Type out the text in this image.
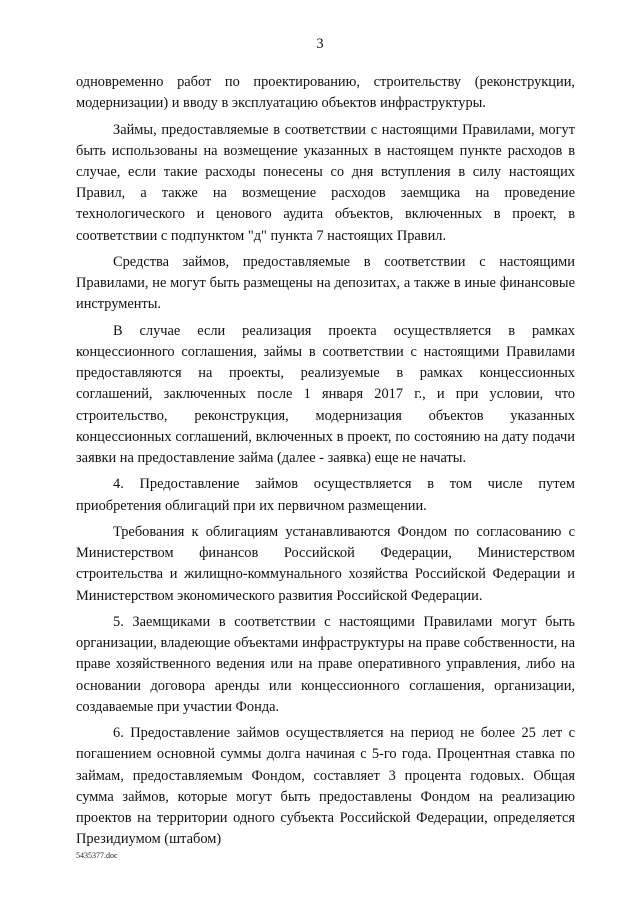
3

одновременно работ по проектированию, строительству (реконструкции, модернизации) и вводу в эксплуатацию объектов инфраструктуры.

Займы, предоставляемые в соответствии с настоящими Правилами, могут быть использованы на возмещение указанных в настоящем пункте расходов в случае, если такие расходы понесены со дня вступления в силу настоящих Правил, а также на возмещение расходов заемщика на проведение технологического и ценового аудита объектов, включенных в проект, в соответствии с подпунктом "д" пункта 7 настоящих Правил.

Средства займов, предоставляемые в соответствии с настоящими Правилами, не могут быть размещены на депозитах, а также в иные финансовые инструменты.

В случае если реализация проекта осуществляется в рамках концессионного соглашения, займы в соответствии с настоящими Правилами предоставляются на проекты, реализуемые в рамках концессионных соглашений, заключенных после 1 января 2017 г., и при условии, что строительство, реконструкция, модернизация объектов указанных концессионных соглашений, включенных в проект, по состоянию на дату подачи заявки на предоставление займа (далее - заявка) еще не начаты.

4. Предоставление займов осуществляется в том числе путем приобретения облигаций при их первичном размещении.

Требования к облигациям устанавливаются Фондом по согласованию с Министерством финансов Российской Федерации, Министерством строительства и жилищно-коммунального хозяйства Российской Федерации и Министерством экономического развития Российской Федерации.

5. Заемщиками в соответствии с настоящими Правилами могут быть организации, владеющие объектами инфраструктуры на праве собственности, на праве хозяйственного ведения или на праве оперативного управления, либо на основании договора аренды или концессионного соглашения, организации, создаваемые при участии Фонда.

6. Предоставление займов осуществляется на период не более 25 лет с погашением основной суммы долга начиная с 5-го года. Процентная ставка по займам, предоставляемым Фондом, составляет 3 процента годовых. Общая сумма займов, которые могут быть предоставлены Фондом на реализацию проектов на территории одного субъекта Российской Федерации, определяется Президиумом (штабом)

5435377.doc
